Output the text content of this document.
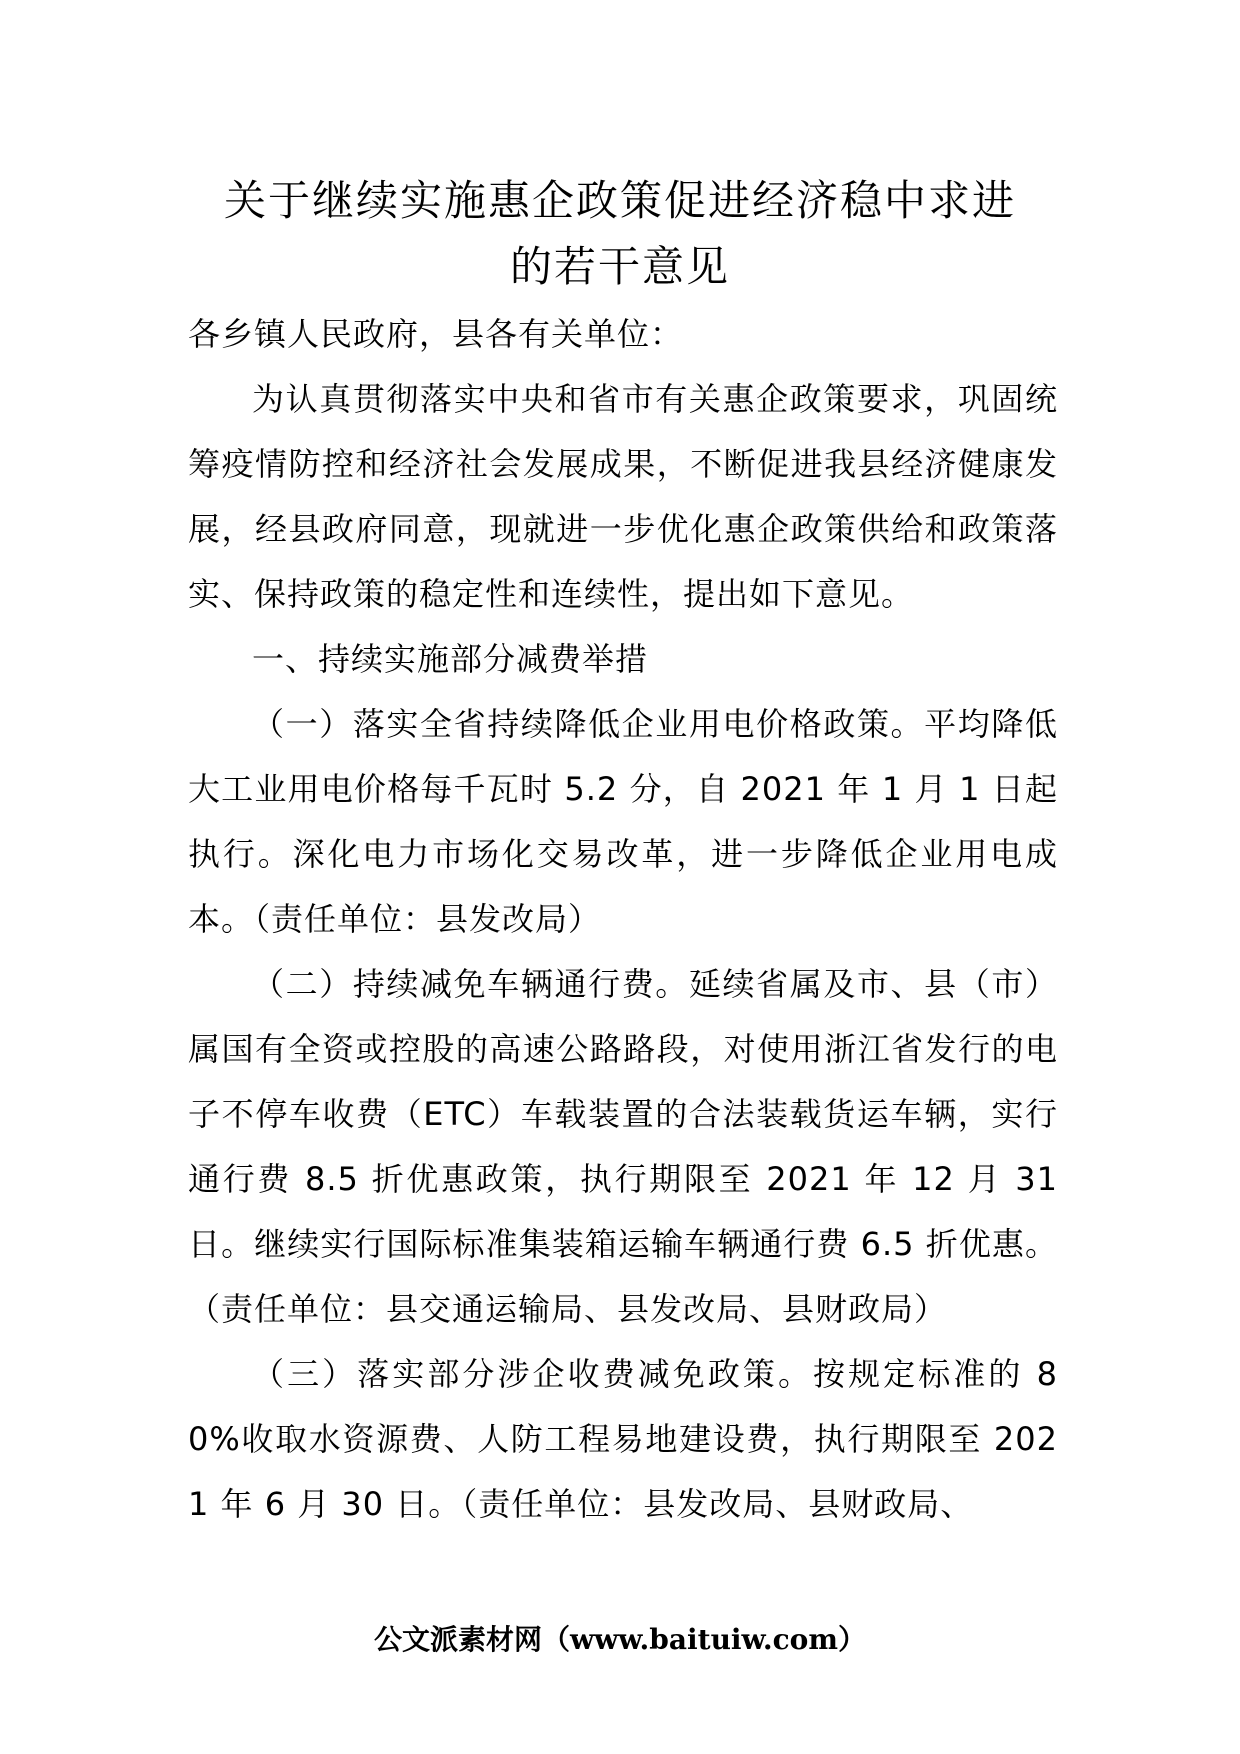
关于继续实施惠企政策促进经济稳中求进
的若干意见

各乡镇人民政府，县各有关单位：

为认真贯彻落实中央和省市有关惠企政策要求，巩固统筹疫情防控和经济社会发展成果，不断促进我县经济健康发展，经县政府同意，现就进一步优化惠企政策供给和政策落实、保持政策的稳定性和连续性，提出如下意见。

一、持续实施部分减费举措

（一）落实全省持续降低企业用电价格政策。平均降低大工业用电价格每千瓦时 5.2 分，自 2021 年 1 月 1 日起执行。深化电力市场化交易改革，进一步降低企业用电成本。（责任单位：县发改局）

（二）持续减免车辆通行费。延续省属及市、县（市）属国有全资或控股的高速公路路段，对使用浙江省发行的电子不停车收费（ETC）车载装置的合法装载货运车辆，实行通行费 8.5 折优惠政策，执行期限至 2021 年 12 月 31 日。继续实行国际标准集装箱运输车辆通行费 6.5 折优惠。（责任单位：县交通运输局、县发改局、县财政局）

（三）落实部分涉企收费减免政策。按规定标准的 80%收取水资源费、人防工程易地建设费，执行期限至 2021 年 6 月 30 日。（责任单位：县发改局、县财政局、

公文派素材网（www.baituiw.com）
